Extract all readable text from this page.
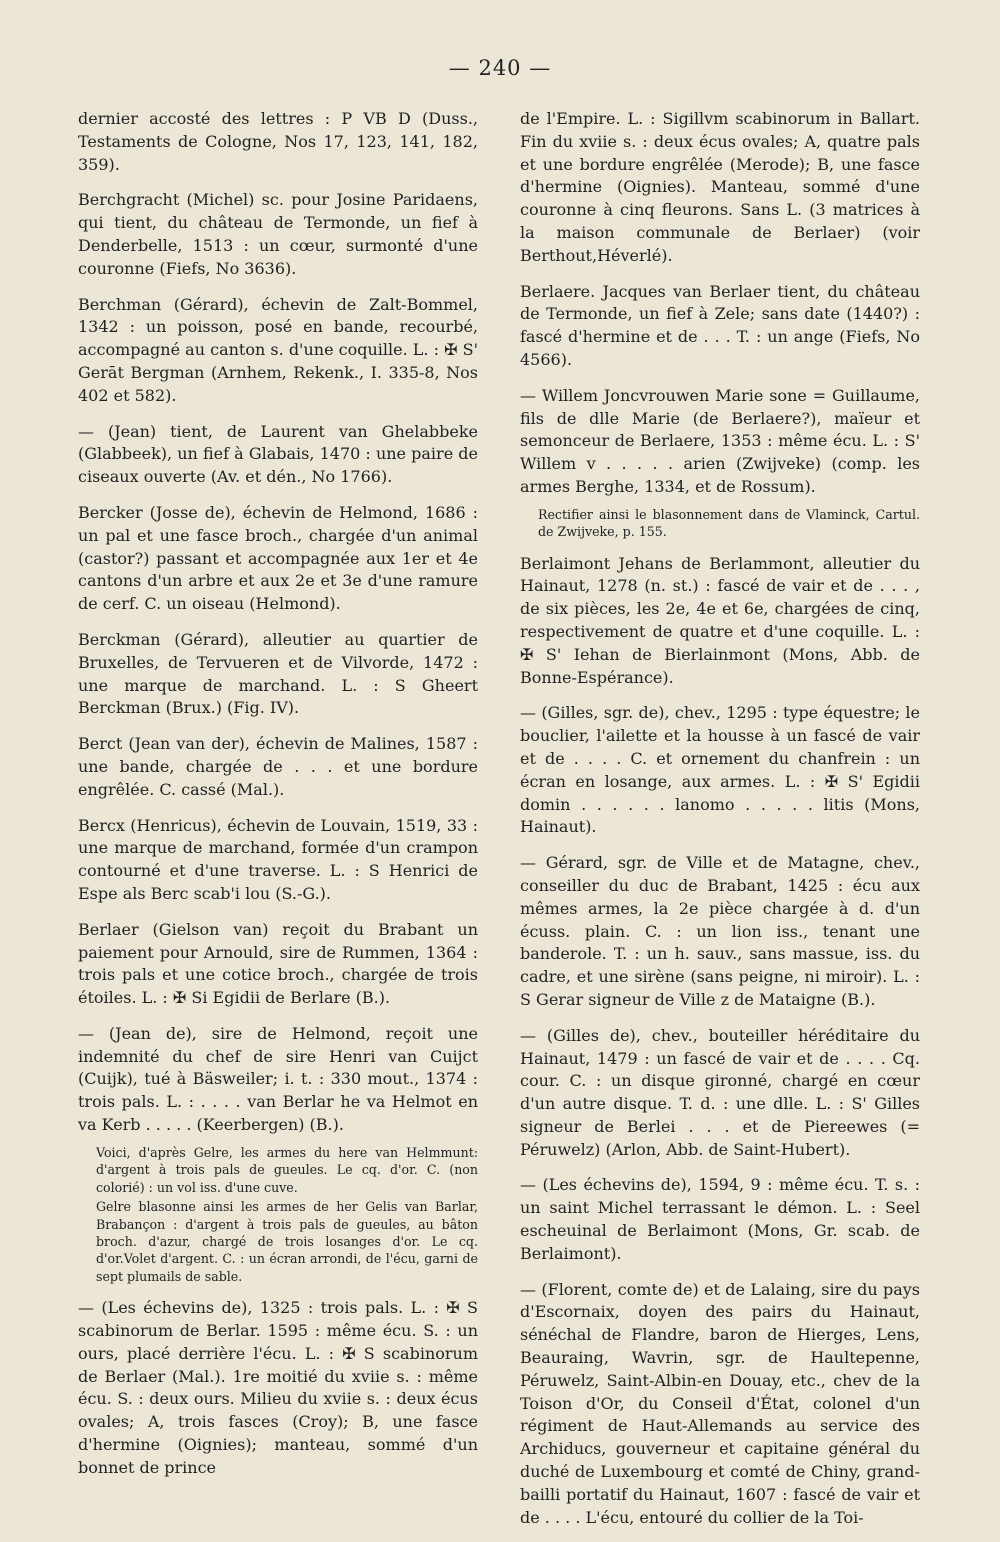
— 240 —

dernier accosté des lettres : P VB D (Duss., Testaments de Cologne, Nos 17, 123, 141, 182, 359).

Berchgracht (Michel) sc. pour Josine Paridaens, qui tient, du château de Termonde, un fief à Denderbelle, 1513 : un cœur, surmonté d'une couronne (Fiefs, No 3636).

Berchman (Gérard), échevin de Zalt-Bommel, 1342 : un poisson, posé en bande, recourbé, accompagné au canton s. d'une coquille. L. : ✠ S' Gerāt Bergman (Arnhem, Rekenk., I. 335-8, Nos 402 et 582).

— (Jean) tient, de Laurent van Ghelabbeke (Glabbeek), un fief à Glabais, 1470 : une paire de ciseaux ouverte (Av. et dén., No 1766).

Bercker (Josse de), échevin de Helmond, 1686 : un pal et une fasce broch., chargée d'un animal (castor?) passant et accompagnée aux 1er et 4e cantons d'un arbre et aux 2e et 3e d'une ramure de cerf. C. un oiseau (Helmond).

Berckman (Gérard), alleutier au quartier de Bruxelles, de Tervueren et de Vilvorde, 1472 : une marque de marchand. L. : S Gheert Berckman (Brux.) (Fig. IV).

Berct (Jean van der), échevin de Malines, 1587 : une bande, chargée de . . . et une bordure engrêlée. C. cassé (Mal.).

Bercx (Henricus), échevin de Louvain, 1519, 33 : une marque de marchand, formée d'un crampon contourné et d'une traverse. L. : S Henrici de Espe als Berc scab'i lou (S.-G.).

Berlaer (Gielson van) reçoit du Brabant un paiement pour Arnould, sire de Rummen, 1364 : trois pals et une cotice broch., chargée de trois étoiles. L. : ✠ Si Egidii de Berlare (B.).

— (Jean de), sire de Helmond, reçoit une indemnité du chef de sire Henri van Cuijct (Cuijk), tué à Bäsweiler; i. t. : 330 mout., 1374 : trois pals. L. : . . . . van Berlar he va Helmot en va Kerb . . . . . (Keerbergen) (B.).

Voici, d'après Gelre, les armes du here van Helmmunt: d'argent à trois pals de gueules. Le cq. d'or. C. (non colorié) : un vol iss. d'une cuve.

Gelre blasonne ainsi les armes de her Gelis van Barlar, Brabançon : d'argent à trois pals de gueules, au bâton broch. d'azur, chargé de trois losanges d'or. Le cq. d'or.Volet d'argent. C. : un écran arrondi, de l'écu, garni de sept plumails de sable.

— (Les échevins de), 1325 : trois pals. L. : ✠ S scabinorum de Berlar. 1595 : même écu. S. : un ours, placé derrière l'écu. L. : ✠ S scabinorum de Berlaer (Mal.). 1re moitié du xviie s. : même écu. S. : deux ours. Milieu du xviie s. : deux écus ovales; A, trois fasces (Croy); B, une fasce d'hermine (Oignies); manteau, sommé d'un bonnet de prince

de l'Empire. L. : Sigillvm scabinorum in Ballart. Fin du xviie s. : deux écus ovales; A, quatre pals et une bordure engrêlée (Merode); B, une fasce d'hermine (Oignies). Manteau, sommé d'une couronne à cinq fleurons. Sans L. (3 matrices à la maison communale de Berlaer) (voir Berthout,Héverlé).

Berlaere. Jacques van Berlaer tient, du château de Termonde, un fief à Zele; sans date (1440?) : fascé d'hermine et de . . . T. : un ange (Fiefs, No 4566).

— Willem Joncvrouwen Marie sone = Guillaume, fils de dlle Marie (de Berlaere?), maïeur et semonceur de Berlaere, 1353 : même écu. L. : S' Willem v . . . . . arien (Zwijveke) (comp. les armes Berghe, 1334, et de Rossum).

Rectifier ainsi le blasonnement dans de Vlaminck, Cartul. de Zwijveke, p. 155.

Berlaimont Jehans de Berlammont, alleutier du Hainaut, 1278 (n. st.) : fascé de vair et de . . . , de six pièces, les 2e, 4e et 6e, chargées de cinq, respectivement de quatre et d'une coquille. L. : ✠ S' Iehan de Bierlainmont (Mons, Abb. de Bonne-Espérance).

— (Gilles, sgr. de), chev., 1295 : type équestre; le bouclier, l'ailette et la housse à un fascé de vair et de . . . . C. et ornement du chanfrein : un écran en losange, aux armes. L. : ✠ S' Egidii domin . . . . . . lanomo . . . . . litis (Mons, Hainaut).

— Gérard, sgr. de Ville et de Matagne, chev., conseiller du duc de Brabant, 1425 : écu aux mêmes armes, la 2e pièce chargée à d. d'un écuss. plain. C. : un lion iss., tenant une banderole. T. : un h. sauv., sans massue, iss. du cadre, et une sirène (sans peigne, ni miroir). L. : S Gerar signeur de Ville z de Mataigne (B.).

— (Gilles de), chev., bouteiller héréditaire du Hainaut, 1479 : un fascé de vair et de . . . . Cq. cour. C. : un disque gironné, chargé en cœur d'un autre disque. T. d. : une dlle. L. : S' Gilles signeur de Berlei . . . et de Piereewes (= Péruwelz) (Arlon, Abb. de Saint-Hubert).

— (Les échevins de), 1594, 9 : même écu. T. s. : un saint Michel terrassant le démon. L. : Seel escheuinal de Berlaimont (Mons, Gr. scab. de Berlaimont).

— (Florent, comte de) et de Lalaing, sire du pays d'Escornaix, doyen des pairs du Hainaut, sénéchal de Flandre, baron de Hierges, Lens, Beauraing, Wavrin, sgr. de Haultepenne, Péruwelz, Saint-Albin-en Douay, etc., chev de la Toison d'Or, du Conseil d'État, colonel d'un régiment de Haut-Allemands au service des Archiducs, gouverneur et capitaine général du duché de Luxembourg et comté de Chiny, grand-bailli portatif du Hainaut, 1607 : fascé de vair et de . . . . L'écu, entouré du collier de la Toi-
